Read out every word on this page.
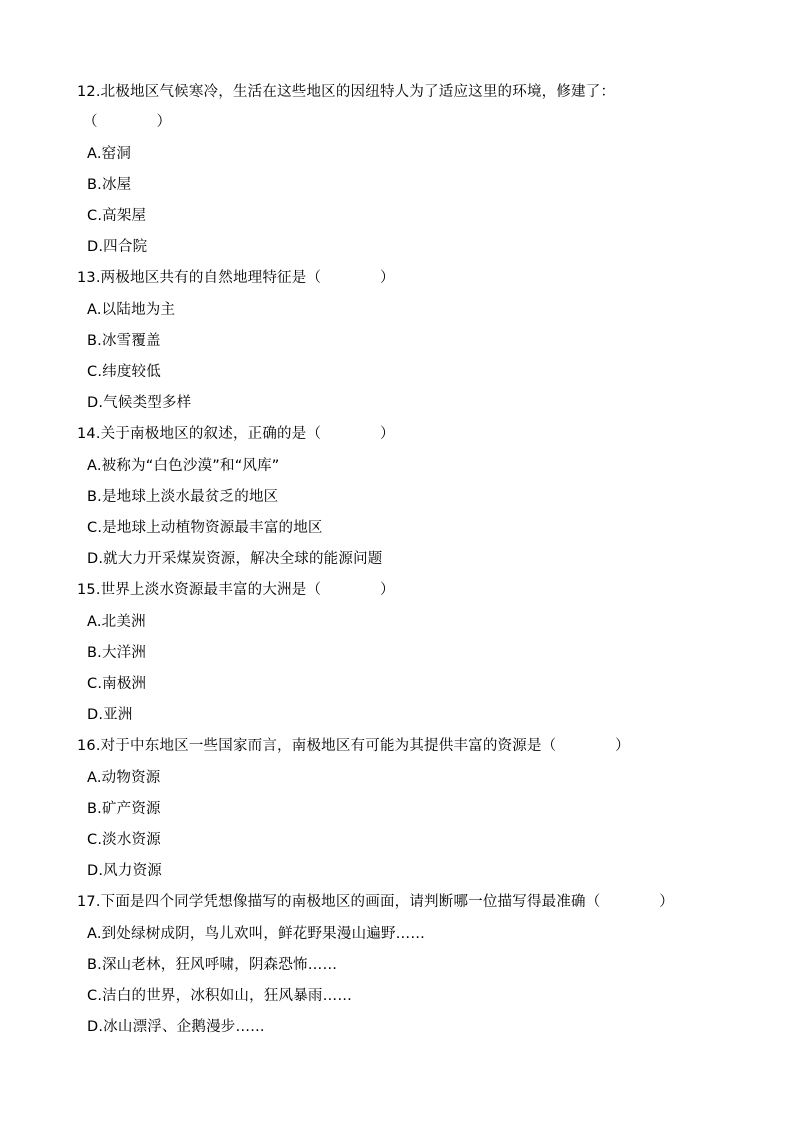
12.北极地区气候寒冷，生活在这些地区的因纽特人为了适应这里的环境，修建了：
（　　　　）
A.窑洞
B.冰屋
C.高架屋
D.四合院
13.两极地区共有的自然地理特征是（　　　　）
A.以陆地为主
B.冰雪覆盖
C.纬度较低
D.气候类型多样
14.关于南极地区的叙述，正确的是（　　　　）
A.被称为“白色沙漠”和“风库”
B.是地球上淡水最贫乏的地区
C.是地球上动植物资源最丰富的地区
D.就大力开采煤炭资源，解决全球的能源问题
15.世界上淡水资源最丰富的大洲是（　　　　）
A.北美洲
B.大洋洲
C.南极洲
D.亚洲
16.对于中东地区一些国家而言，南极地区有可能为其提供丰富的资源是（　　　　）
A.动物资源
B.矿产资源
C.淡水资源
D.风力资源
17.下面是四个同学凭想像描写的南极地区的画面，请判断哪一位描写得最准确（　　　　）
A.到处绿树成阴，鸟儿欢叫，鲜花野果漫山遍野……
B.深山老林，狂风呼啸，阴森恐怖……
C.洁白的世界，冰积如山，狂风暴雨……
D.冰山漂浮、企鹅漫步……
